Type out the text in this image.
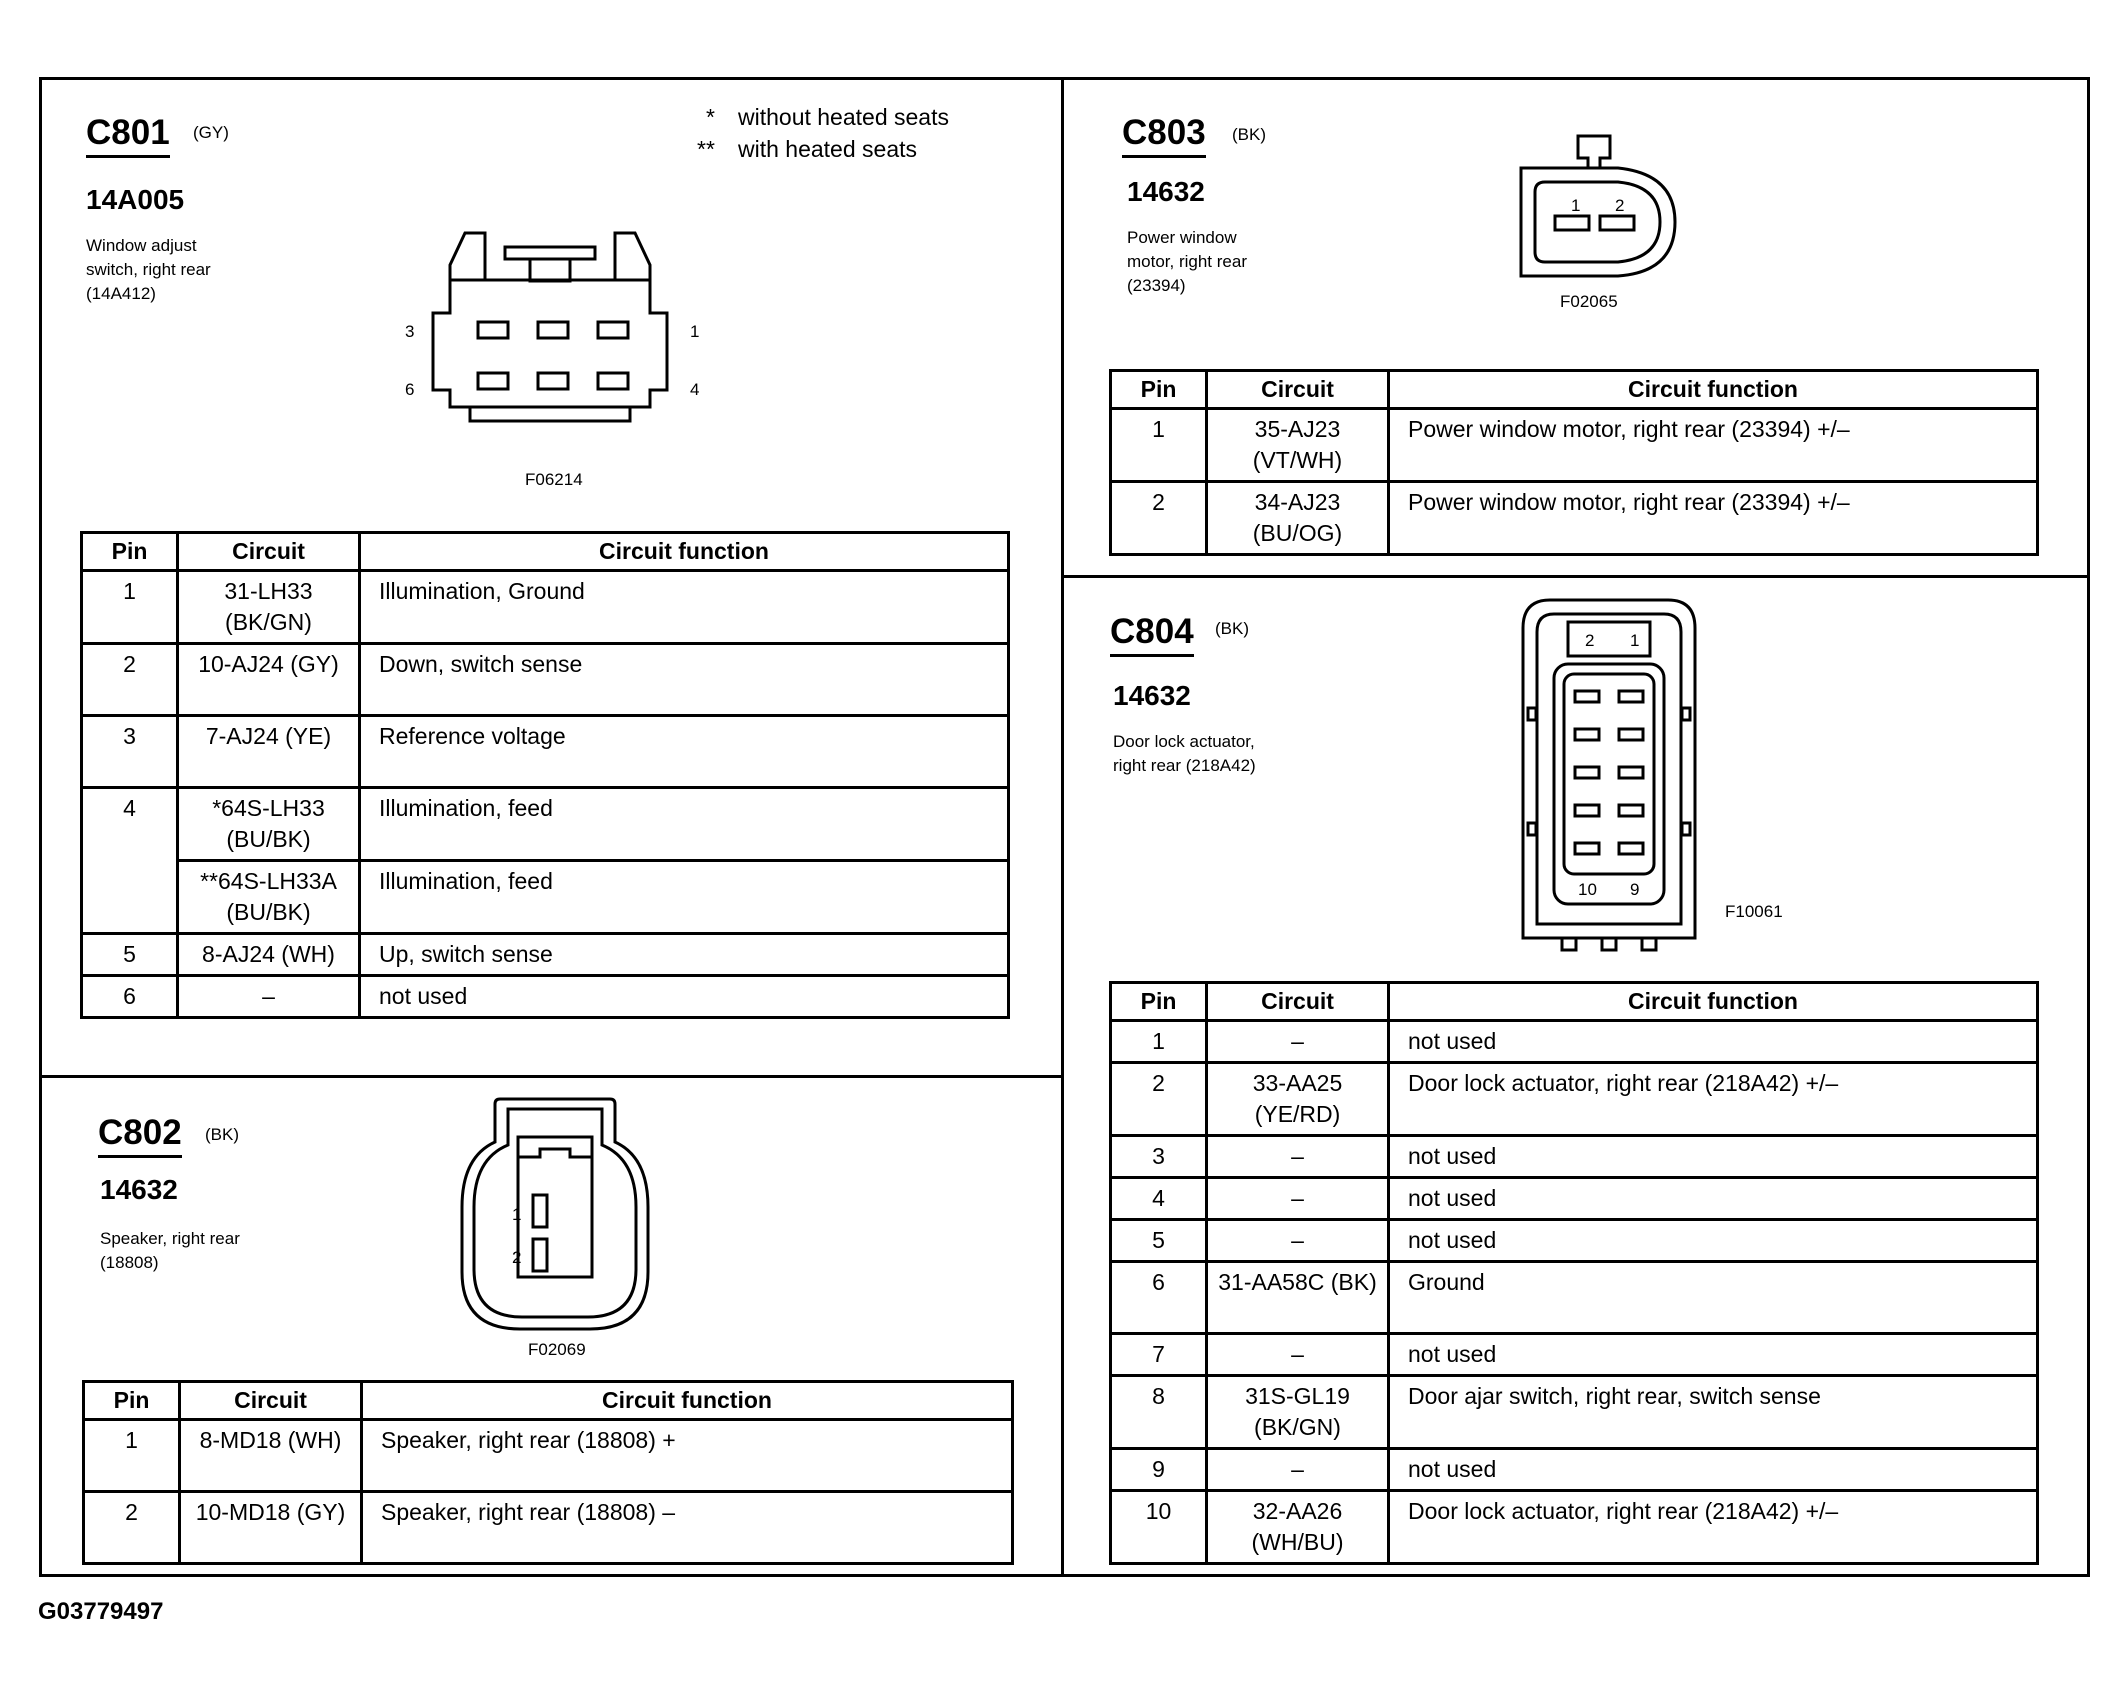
C801 (GY)
14A005
Window adjust switch, right rear (14A412)
* without heated seats
** with heated seats
3
6
1
4
F06214
Pin	Circuit	Circuit function
1	31-LH33 (BK/GN)	Illumination, Ground
2	10-AJ24 (GY)	Down, switch sense
3	7-AJ24 (YE)	Reference voltage
4	*64S-LH33 (BU/BK)	Illumination, feed
	**64S-LH33A (BU/BK)	Illumination, feed
5	8-AJ24 (WH)	Up, switch sense
6	–	not used
C802 (BK)
14632
Speaker, right rear (18808)
1
2
F02069
Pin	Circuit	Circuit function
1	8-MD18 (WH)	Speaker, right rear (18808) +
2	10-MD18 (GY)	Speaker, right rear (18808) –
C803 (BK)
14632
Power window motor, right rear (23394)
1 2
F02065
Pin	Circuit	Circuit function
1	35-AJ23 (VT/WH)	Power window motor, right rear (23394) +/–
2	34-AJ23 (BU/OG)	Power window motor, right rear (23394) +/–
C804 (BK)
14632
Door lock actuator, right rear (218A42)
2 1
10 9
F10061
Pin	Circuit	Circuit function
1	–	not used
2	33-AA25 (YE/RD)	Door lock actuator, right rear (218A42) +/–
3	–	not used
4	–	not used
5	–	not used
6	31-AA58C (BK)	Ground
7	–	not used
8	31S-GL19 (BK/GN)	Door ajar switch, right rear, switch sense
9	–	not used
10	32-AA26 (WH/BU)	Door lock actuator, right rear (218A42) +/–
G03779497
